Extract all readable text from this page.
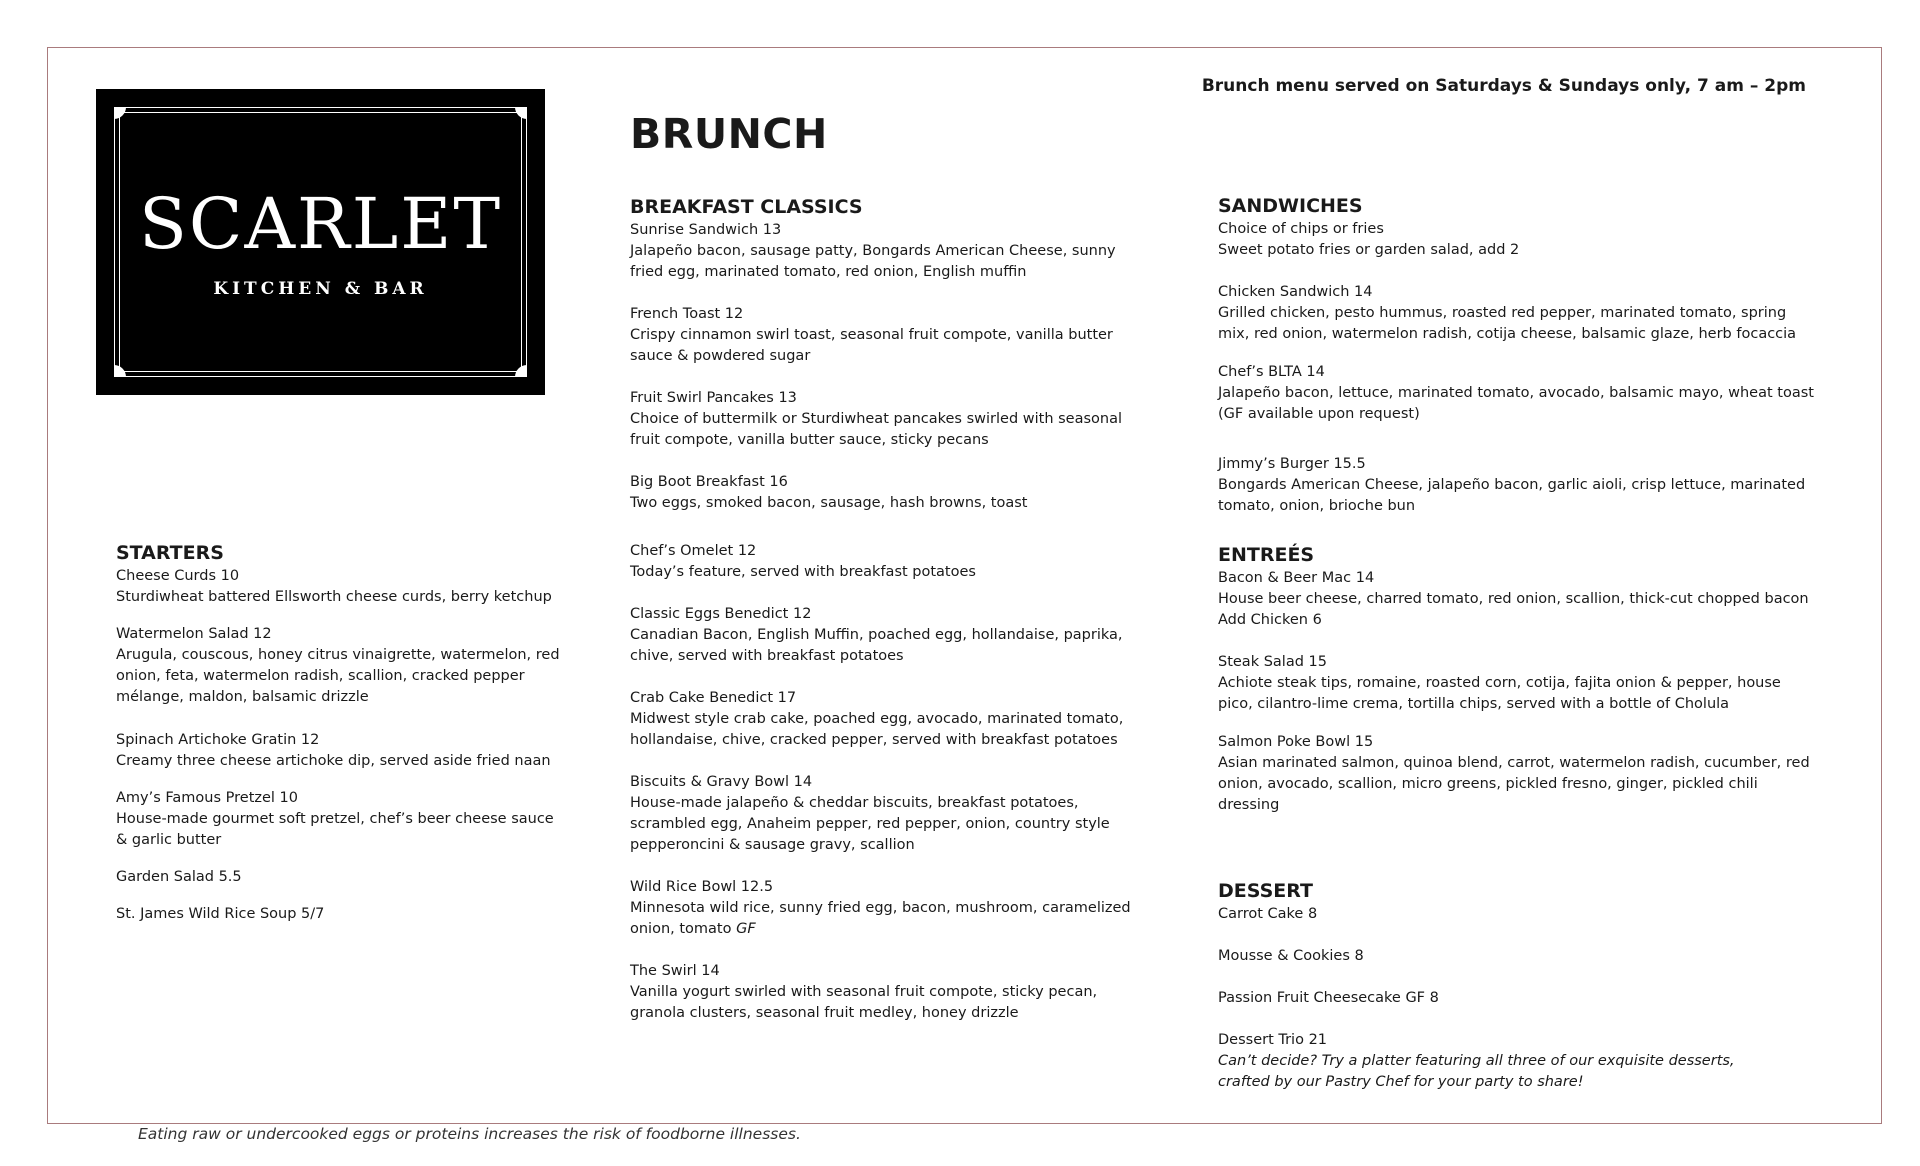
SCARLET
KITCHEN & BAR
Brunch menu served on Saturdays & Sundays only, 7 am – 2pm
BRUNCH
STARTERS
Cheese Curds 10
Sturdiwheat battered Ellsworth cheese curds, berry ketchup
Watermelon Salad 12
Arugula, couscous, honey citrus vinaigrette, watermelon, red onion, feta, watermelon radish, scallion, cracked pepper mélange, maldon, balsamic drizzle
Spinach Artichoke Gratin 12
Creamy three cheese artichoke dip, served aside fried naan
Amy’s Famous Pretzel 10
House-made gourmet soft pretzel, chef’s beer cheese sauce & garlic butter
Garden Salad 5.5
St. James Wild Rice Soup 5/7
BREAKFAST CLASSICS
Sunrise Sandwich 13
Jalapeño bacon, sausage patty, Bongards American Cheese, sunny fried egg, marinated tomato, red onion, English muffin
French Toast 12
Crispy cinnamon swirl toast, seasonal fruit compote, vanilla butter sauce & powdered sugar
Fruit Swirl Pancakes 13
Choice of buttermilk or Sturdiwheat pancakes swirled with seasonal fruit compote, vanilla butter sauce, sticky pecans
Big Boot Breakfast 16
Two eggs, smoked bacon, sausage, hash browns, toast
Chef’s Omelet 12
Today’s feature, served with breakfast potatoes
Classic Eggs Benedict 12
Canadian Bacon, English Muffin, poached egg, hollandaise, paprika, chive, served with breakfast potatoes
Crab Cake Benedict 17
Midwest style crab cake, poached egg, avocado, marinated tomato, hollandaise, chive, cracked pepper, served with breakfast potatoes
Biscuits & Gravy Bowl 14
House-made jalapeño & cheddar biscuits, breakfast potatoes, scrambled egg, Anaheim pepper, red pepper, onion, country style pepperoncini & sausage gravy, scallion
Wild Rice Bowl 12.5
Minnesota wild rice, sunny fried egg, bacon, mushroom, caramelized onion, tomato GF
The Swirl 14
Vanilla yogurt swirled with seasonal fruit compote, sticky pecan, granola clusters, seasonal fruit medley, honey drizzle
SANDWICHES
Choice of chips or fries
Sweet potato fries or garden salad, add 2
Chicken Sandwich 14
Grilled chicken, pesto hummus, roasted red pepper, marinated tomato, spring mix, red onion, watermelon radish, cotija cheese, balsamic glaze, herb focaccia
Chef’s BLTA 14
Jalapeño bacon, lettuce, marinated tomato, avocado, balsamic mayo, wheat toast (GF available upon request)
Jimmy’s Burger 15.5
Bongards American Cheese, jalapeño bacon, garlic aioli, crisp lettuce, marinated tomato, onion, brioche bun
ENTREÉS
Bacon & Beer Mac 14
House beer cheese, charred tomato, red onion, scallion, thick-cut chopped bacon
Add Chicken 6
Steak Salad 15
Achiote steak tips, romaine, roasted corn, cotija, fajita onion & pepper, house pico, cilantro-lime crema, tortilla chips, served with a bottle of Cholula
Salmon Poke Bowl 15
Asian marinated salmon, quinoa blend, carrot, watermelon radish, cucumber, red onion, avocado, scallion, micro greens, pickled fresno, ginger, pickled chili dressing
DESSERT
Carrot Cake 8
Mousse & Cookies 8
Passion Fruit Cheesecake GF 8
Dessert Trio 21
Can’t decide? Try a platter featuring all three of our exquisite desserts, crafted by our Pastry Chef for your party to share!
Eating raw or undercooked eggs or proteins increases the risk of foodborne illnesses.
